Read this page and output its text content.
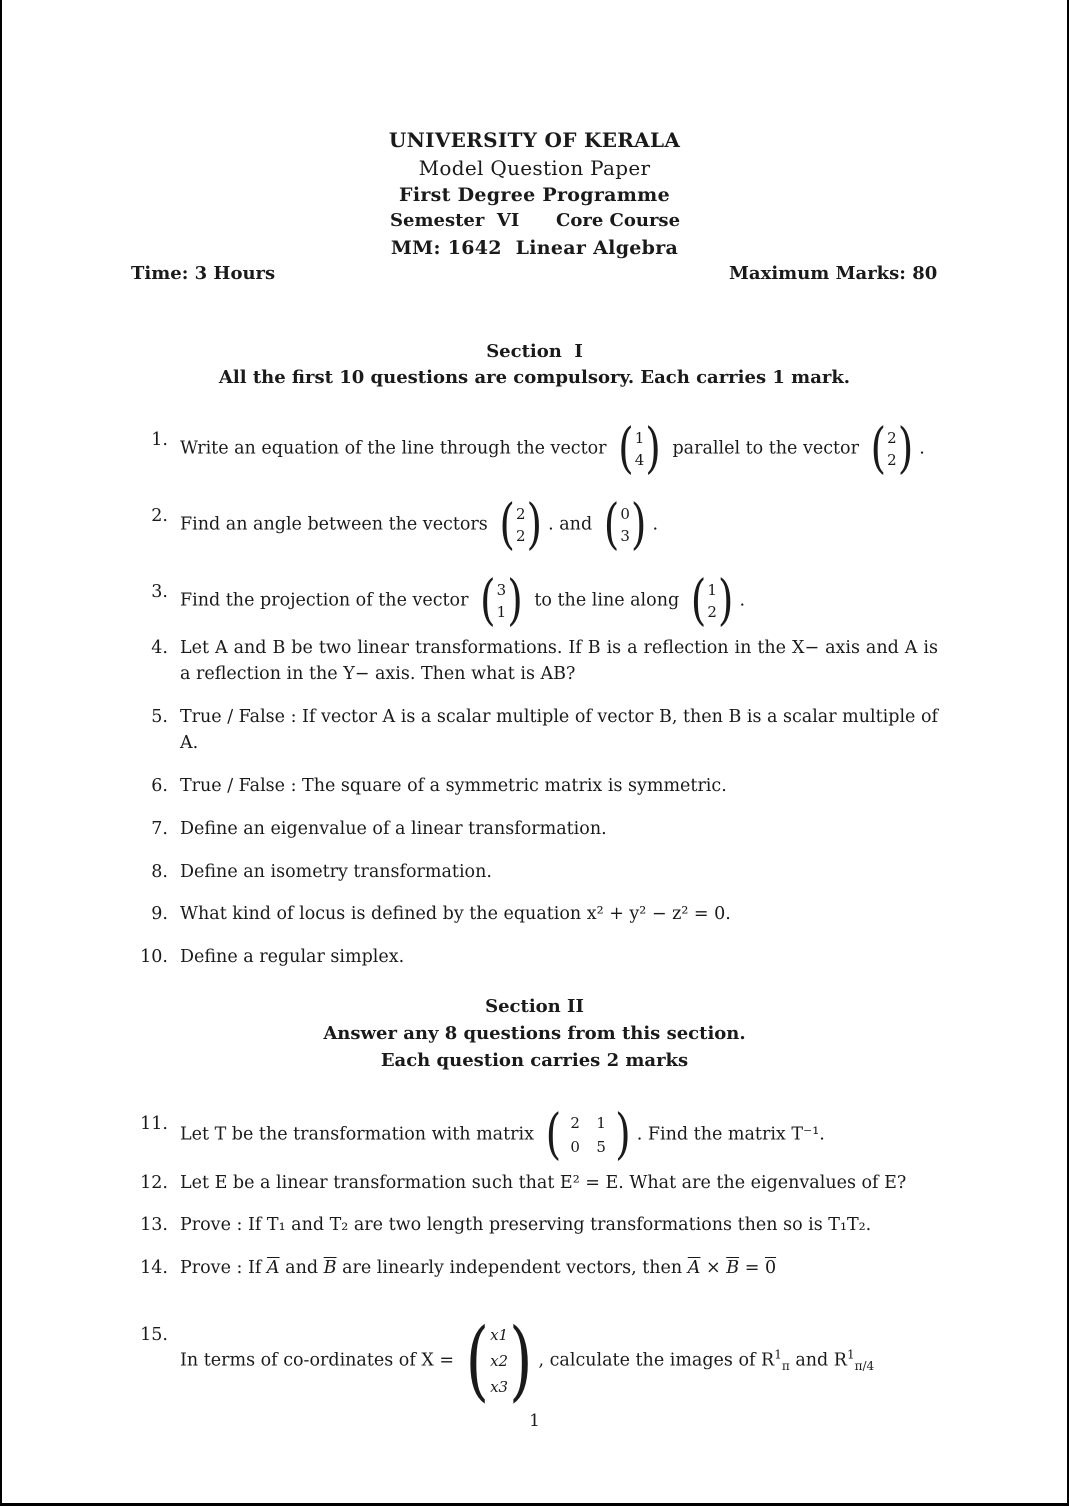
UNIVERSITY OF KERALA
Model Question Paper
First Degree Programme
Semester  VI Core Course
MM: 1642  Linear Algebra
Time: 3 Hours	Maximum Marks: 80
Section  I
All the first 10 questions are compulsory. Each carries 1 mark.
1. Write an equation of the line through the vector (1
4) parallel to the vector (2
2) .
2. Find an angle between the vectors (2
2) . and (0
3) .
3. Find the projection of the vector (3
1) to the line along (1
2) .
4. Let A and B be two linear transformations. If B is a reflection in the X− axis and A is a reflection in the Y− axis. Then what is AB?
5. True / False : If vector A is a scalar multiple of vector B, then B is a scalar multiple of A.
6. True / False : The square of a symmetric matrix is symmetric.
7. Define an eigenvalue of a linear transformation.
8. Define an isometry transformation.
9. What kind of locus is defined by the equation x² + y² − z² = 0.
10. Define a regular simplex.
Section II
Answer any 8 questions from this section.
Each question carries 2 marks
11.
Let T be the transformation with matrix ( 2 1
0 5 ) . Find the matrix T⁻¹.
12. Let E be a linear transformation such that E² = E. What are the eigenvalues of E?
13. Prove : If T₁ and T₂ are two length preserving transformations then so is T₁T₂.
14. Prove : If $\overline{A}$ and $\overline{B}$ are linearly independent vectors, then $\overline{A} \times \overline{B} = 0$
15.
In terms of co-ordinates of X = (x1
x2
x3) , calculate the images of $R^1_\pi$ and $R^1_{\pi/4}$
1
